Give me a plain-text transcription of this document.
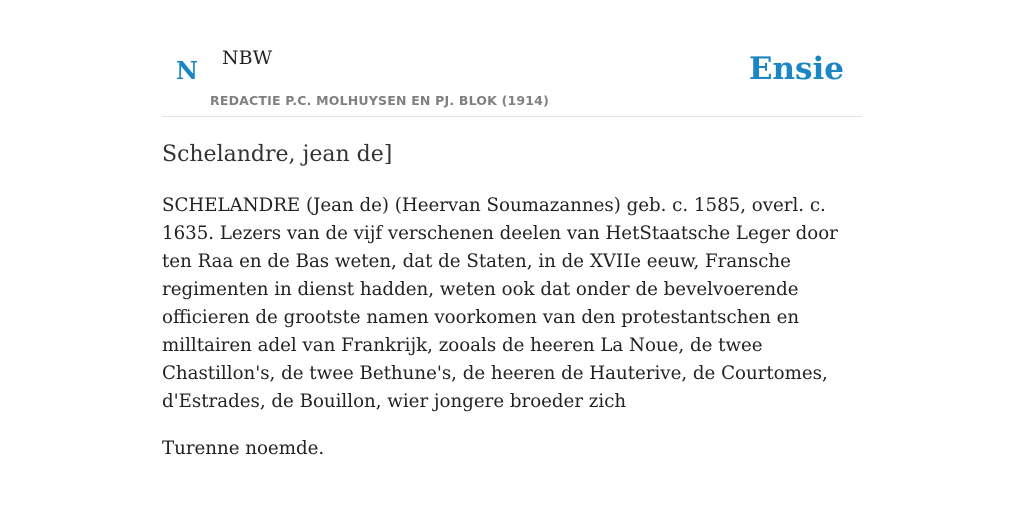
N NBW
REDACTIE P.C. MOLHUYSEN EN PJ. BLOK (1914)
Ensie
Schelandre, jean de]

SCHELANDRE (Jean de) (Heervan Soumazannes) geb. c. 1585, overl. c. 1635. Lezers van de vijf verschenen deelen van HetStaatsche Leger door ten Raa en de Bas weten, dat de Staten, in de XVIIe eeuw, Fransche regimenten in dienst hadden, weten ook dat onder de bevelvoerende officieren de grootste namen voorkomen van den protestantschen en milltairen adel van Frankrijk, zooals de heeren La Noue, de twee Chastillon's, de twee Bethune's, de heeren de Hauterive, de Courtomes, d'Estrades, de Bouillon, wier jongere broeder zich

Turenne noemde.
